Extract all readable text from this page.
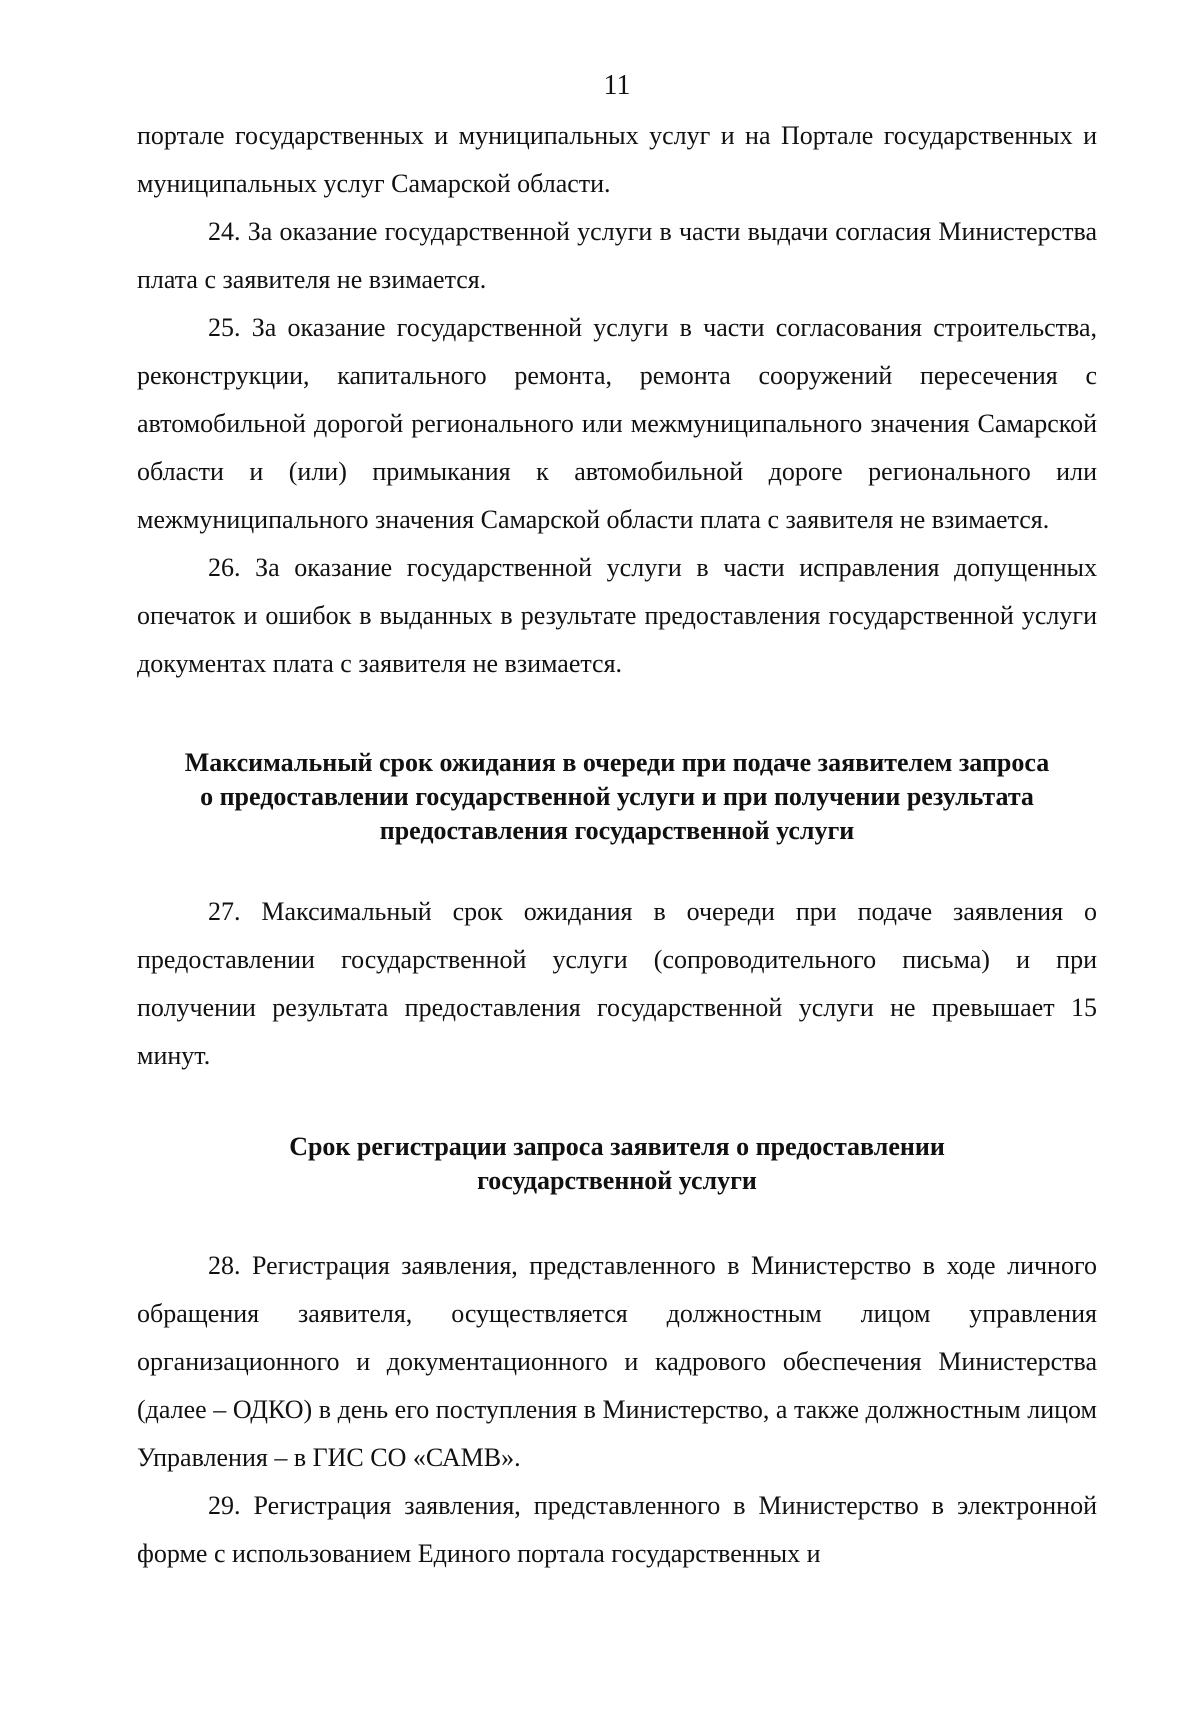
11

портале государственных и муниципальных услуг и на Портале государственных и муниципальных услуг Самарской области.

24. За оказание государственной услуги в части выдачи согласия Министерства плата с заявителя не взимается.

25. За оказание государственной услуги в части согласования строительства, реконструкции, капитального ремонта, ремонта сооружений пересечения с автомобильной дорогой регионального или межмуниципального значения Самарской области и (или) примыкания к автомобильной дороге регионального или межмуниципального значения Самарской области плата с заявителя не взимается.

26. За оказание государственной услуги в части исправления допущенных опечаток и ошибок в выданных в результате предоставления государственной услуги документах плата с заявителя не взимается.

Максимальный срок ожидания в очереди при подаче заявителем запроса
о предоставлении государственной услуги и при получении результата
предоставления государственной услуги

27. Максимальный срок ожидания в очереди при подаче заявления о предоставлении государственной услуги (сопроводительного письма) и при получении результата предоставления государственной услуги не превышает 15 минут.

Срок регистрации запроса заявителя о предоставлении
государственной услуги

28. Регистрация заявления, представленного в Министерство в ходе личного обращения заявителя, осуществляется должностным лицом управления организационного и документационного и кадрового обеспечения Министерства (далее – ОДКО) в день его поступления в Министерство, а также должностным лицом Управления – в ГИС СО «САМВ».

29. Регистрация заявления, представленного в Министерство в электронной форме с использованием Единого портала государственных и
